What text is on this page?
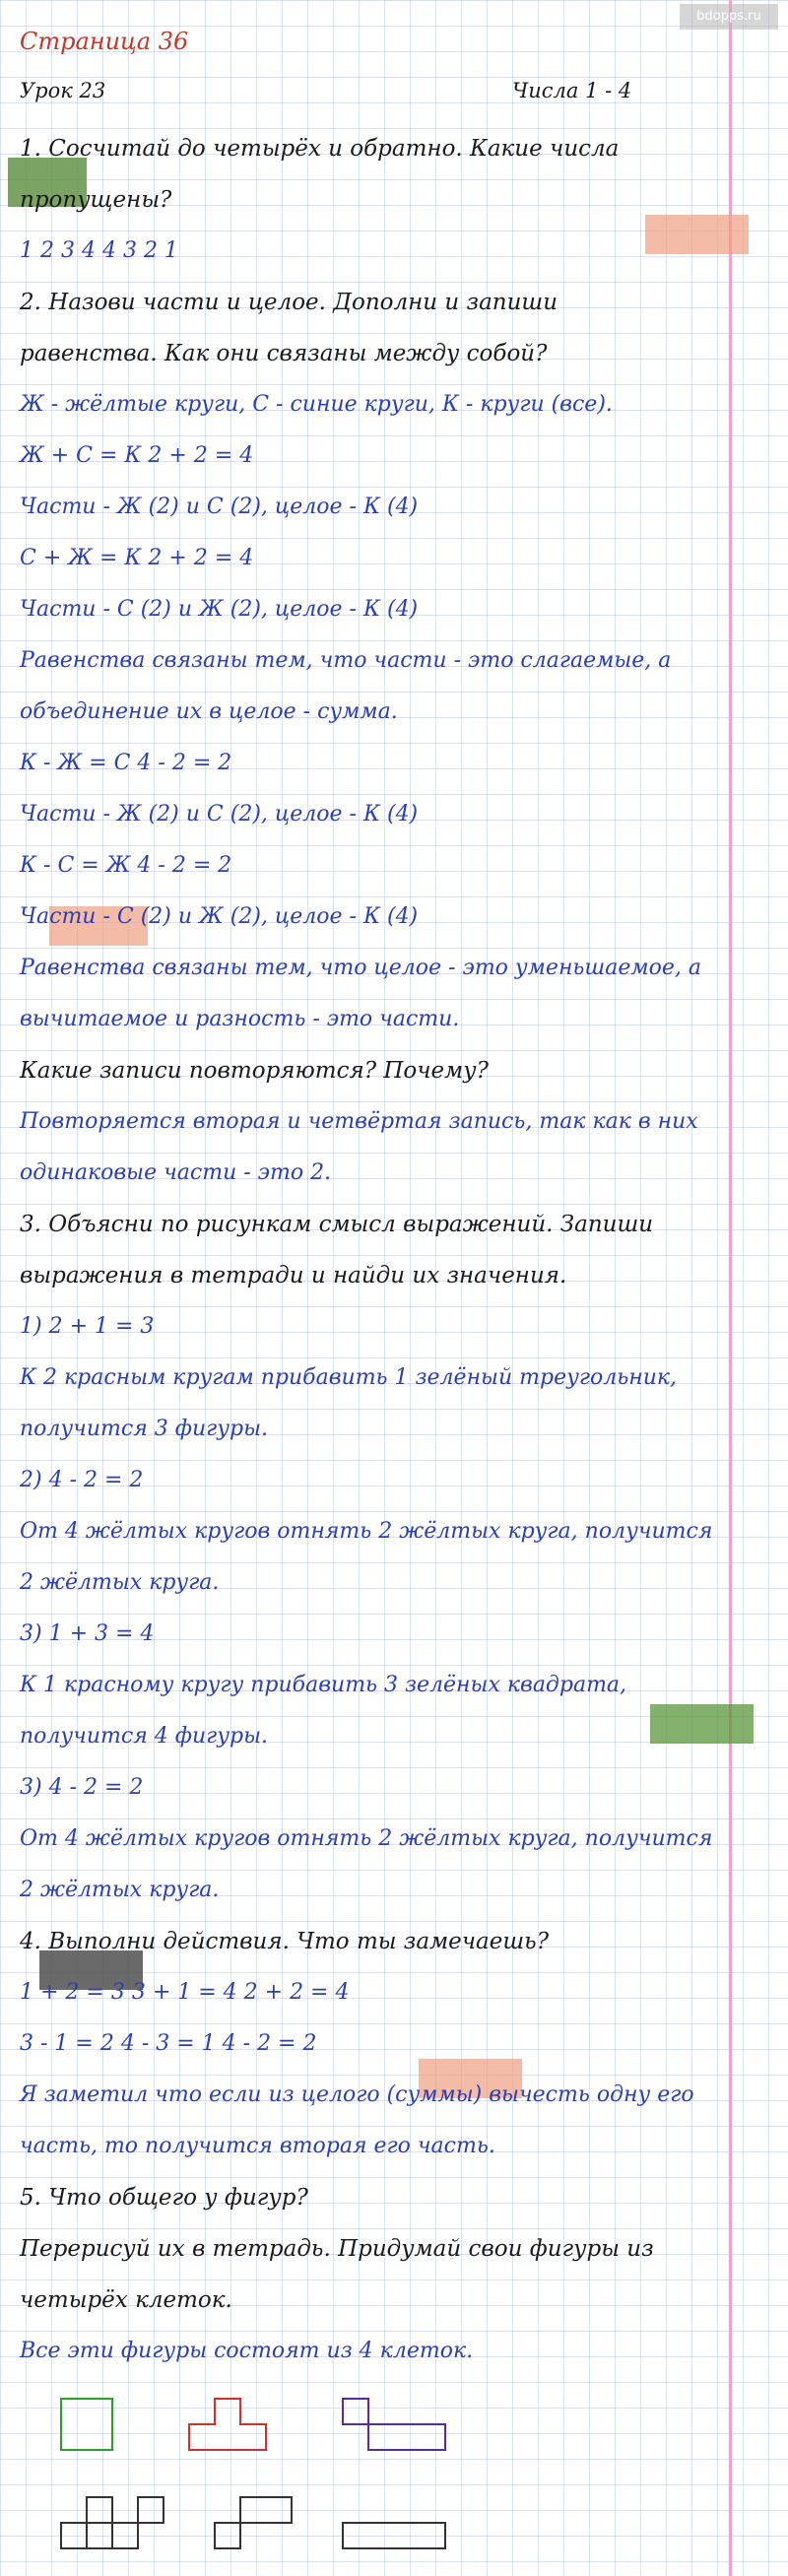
Страница 36
Урок 23	Числа 1 - 4
bdopps.ru
1. Сосчитай до четырёх и обратно. Какие числа
пропущены?
1 2 3 4 4 3 2 1
2. Назови части и целое. Дополни и запиши
равенства. Как они связаны между собой?
Ж - жёлтые круги, С - синие круги, К - круги (все).
Ж + С = К 2 + 2 = 4
Части - Ж (2) и С (2), целое - К (4)
С + Ж = К 2 + 2 = 4
Части - С (2) и Ж (2), целое - К (4)
Равенства связаны тем, что части - это слагаемые, а
объединение их в целое - сумма.
К - Ж = С 4 - 2 = 2
Части - Ж (2) и С (2), целое - К (4)
К - С = Ж 4 - 2 = 2
Части - С (2) и Ж (2), целое - К (4)
Равенства связаны тем, что целое - это уменьшаемое, а
вычитаемое и разность - это части.
Какие записи повторяются? Почему?
Повторяется вторая и четвёртая запись, так как в них
одинаковые части - это 2.
3. Объясни по рисункам смысл выражений. Запиши
выражения в тетради и найди их значения.
1) 2 + 1 = 3
К 2 красным кругам прибавить 1 зелёный треугольник,
получится 3 фигуры.
2) 4 - 2 = 2
От 4 жёлтых кругов отнять 2 жёлтых круга, получится
2 жёлтых круга.
3) 1 + 3 = 4
К 1 красному кругу прибавить 3 зелёных квадрата,
получится 4 фигуры.
3) 4 - 2 = 2
От 4 жёлтых кругов отнять 2 жёлтых круга, получится
2 жёлтых круга.
4. Выполни действия. Что ты замечаешь?
1 + 2 = 3 3 + 1 = 4 2 + 2 = 4
3 - 1 = 2 4 - 3 = 1 4 - 2 = 2
Я заметил что если из целого (суммы) вычесть одну его
часть, то получится вторая его часть.
5. Что общего у фигур?
Перерисуй их в тетрадь. Придумай свои фигуры из
четырёх клеток.
Все эти фигуры состоят из 4 клеток.
